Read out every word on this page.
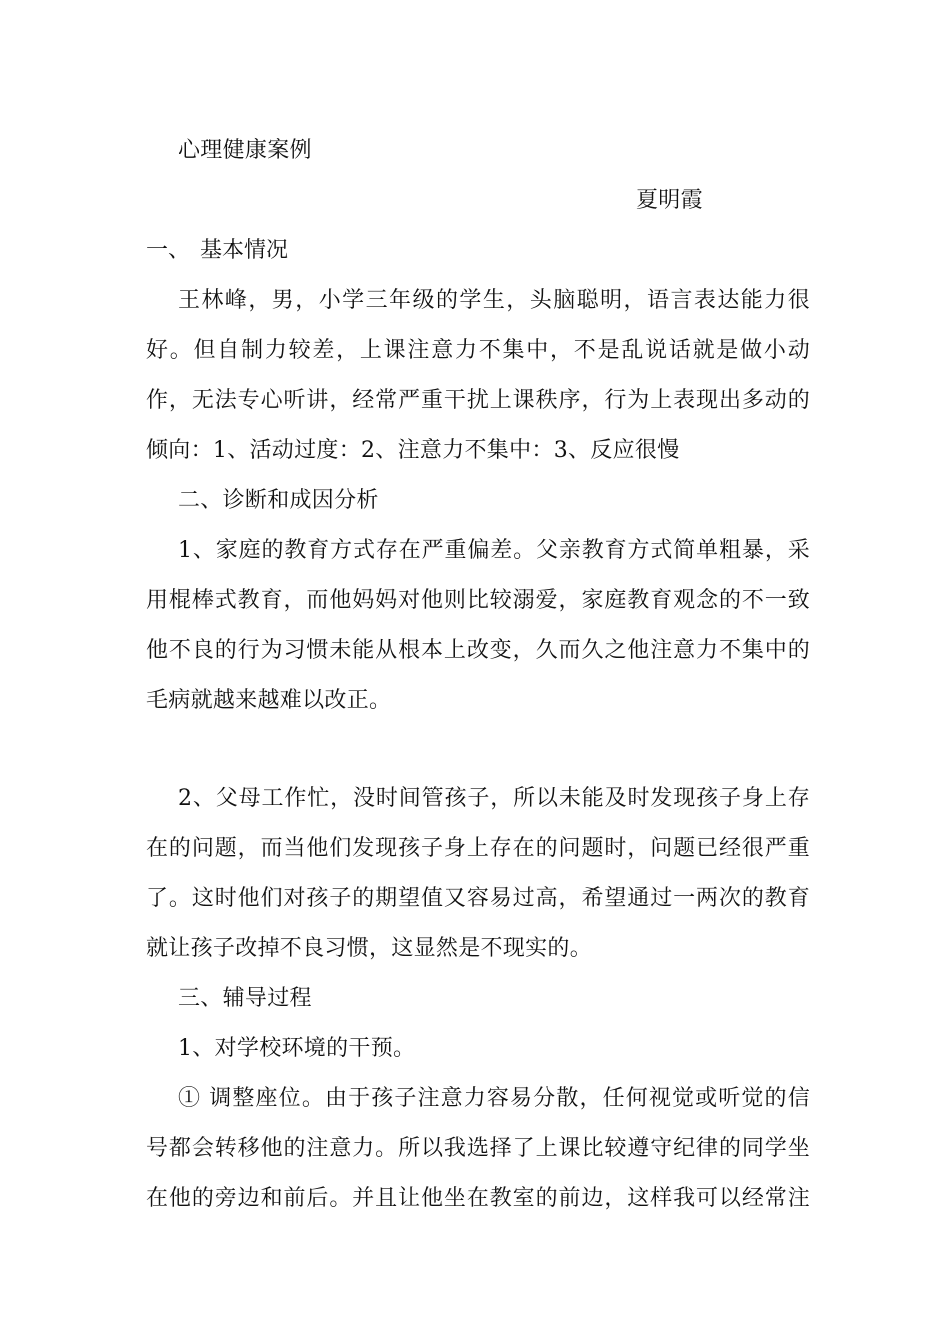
心理健康案例
夏明霞
一、 基本情况
王林峰，男，小学三年级的学生，头脑聪明，语言表达能力很
好。但自制力较差，上课注意力不集中，不是乱说话就是做小动
作，无法专心听讲，经常严重干扰上课秩序，行为上表现出多动的
倾向：1、活动过度：2、注意力不集中：3、反应很慢
二、诊断和成因分析
1、家庭的教育方式存在严重偏差。父亲教育方式简单粗暴，采
用棍棒式教育，而他妈妈对他则比较溺爱，家庭教育观念的不一致
他不良的行为习惯未能从根本上改变，久而久之他注意力不集中的
毛病就越来越难以改正。
2、父母工作忙，没时间管孩子，所以未能及时发现孩子身上存
在的问题，而当他们发现孩子身上存在的问题时，问题已经很严重
了。这时他们对孩子的期望值又容易过高，希望通过一两次的教育
就让孩子改掉不良习惯，这显然是不现实的。
三、辅导过程
1、对学校环境的干预。
① 调整座位。由于孩子注意力容易分散，任何视觉或听觉的信
号都会转移他的注意力。所以我选择了上课比较遵守纪律的同学坐
在他的旁边和前后。并且让他坐在教室的前边，这样我可以经常注
